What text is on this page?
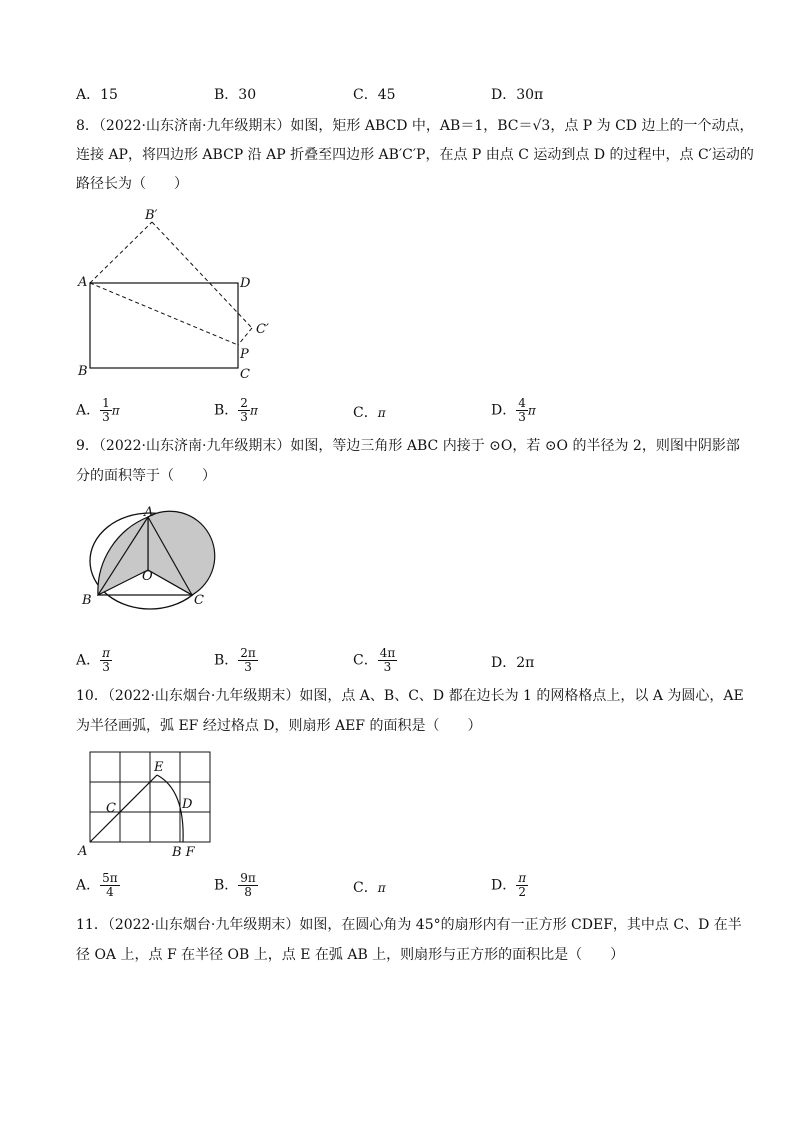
A．15	B．30	C．45	D．30π
8．（2022·山东济南·九年级期末）如图，矩形 ABCD 中，AB＝1，BC＝√3，点 P 为 CD 边上的一个动点，
连接 AP，将四边形 ABCP 沿 AP 折叠至四边形 AB′C′P，在点 P 由点 C 运动到点 D 的过程中，点 C′运动的
路径长为（　　）
A
B	C
D
P
B′
C′
A． $\frac{1}{3}$ π	B． $\frac{2}{3}$ π	C．π	D． $\frac{4}{3}$ π
9．（2022·山东济南·九年级期末）如图，等边三角形 ABC 内接于 ⊙O，若 ⊙O 的半径为 2，则图中阴影部
分的面积等于（　　）
A
B	C
O
A． $\frac{\pi}{3}$	B． $\frac{2\pi}{3}$	C． $\frac{4\pi}{3}$	D．2π
10．（2022·山东烟台·九年级期末）如图，点 A、B、C、D 都在边长为 1 的网格格点上，以 A 为圆心，AE
为半径画弧，弧 EF 经过格点 D，则扇形 AEF 的面积是（　　）
A
C	D
E
B F
A． $\frac{5\pi}{4}$	B． $\frac{9\pi}{8}$	C．π	D． $\frac{\pi}{2}$
11．（2022·山东烟台·九年级期末）如图，在圆心角为 45°的扇形内有一正方形 CDEF，其中点 C、D 在半
径 OA 上，点 F 在半径 OB 上，点 E 在弧 AB 上，则扇形与正方形的面积比是（　　）
